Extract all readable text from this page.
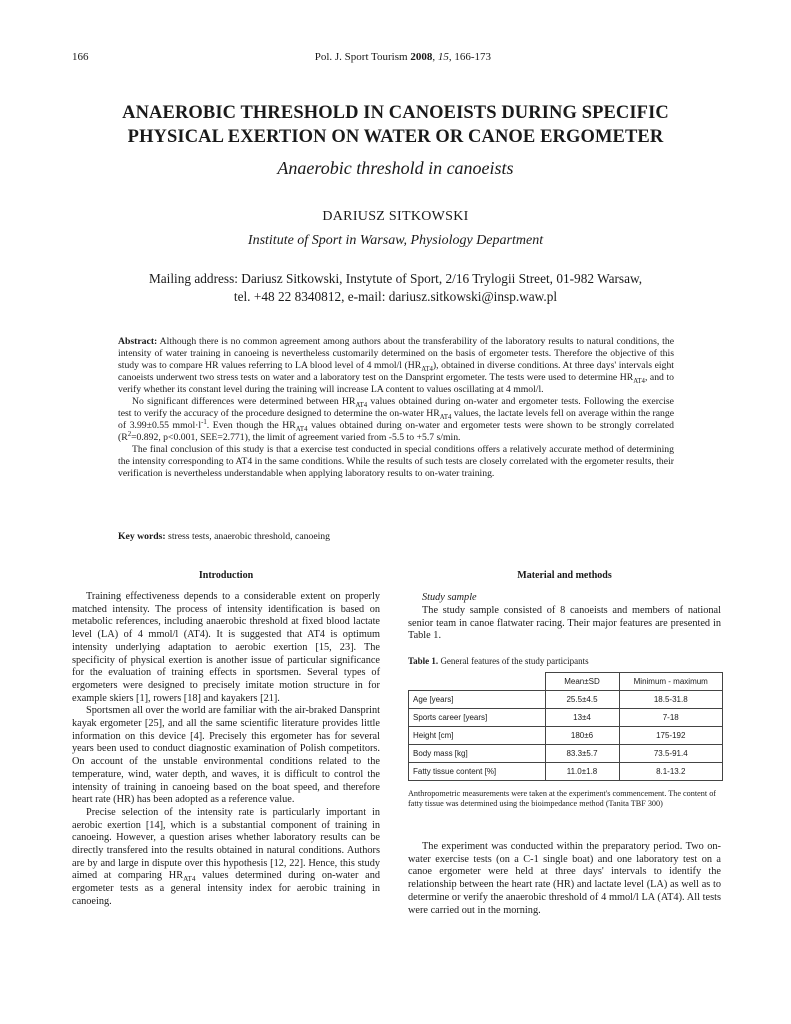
166	Pol. J. Sport Tourism 2008, 15, 166-173
ANAEROBIC THRESHOLD IN CANOEISTS DURING SPECIFIC
PHYSICAL EXERTION ON WATER OR CANOE ERGOMETER
Anaerobic threshold in canoeists
DARIUSZ SITKOWSKI
Institute of Sport in Warsaw, Physiology Department
Mailing address: Dariusz Sitkowski, Instytute of Sport, 2/16 Trylogii Street, 01-982 Warsaw,
tel. +48 22 8340812, e-mail: dariusz.sitkowski@insp.waw.pl

Abstract: Although there is no common agreement among authors about the transferability of the laboratory results to natural conditions, the intensity of water training in canoeing is nevertheless customarily determined on the basis of ergometer tests. Therefore the objective of this study was to compare HR values referring to LA blood level of 4 mmol/l $(HR_{AT4})$, obtained in diverse conditions. At three days' intervals eight canoeists underwent two stress tests on water and a laboratory test on the Dansprint ergometer. The tests were used to determine $HR_{AT4}$, and to verify whether its constant level during the training will increase LA content to values oscillating at 4 mmol/l.

No significant differences were determined between $HR_{AT4}$ values obtained during on-water and ergometer tests. Following the exercise test to verify the accuracy of the procedure designed to determine the on-water $HR_{AT4}$ values, the lactate levels fell on average within the range of 3.99±0.55 $mmol\cdot l^{-1}$. Even though the $HR_{AT4}$ values obtained during on-water and ergometer tests were shown to be strongly correlated ($R^2=0.892$, p<0.001, SEE=2.771), the limit of agreement varied from -5.5 to +5.7 s/min.

The final conclusion of this study is that a exercise test conducted in special conditions offers a relatively accurate method of determining the intensity corresponding to AT4 in the same conditions. While the results of such tests are closely correlated with the ergometer results, their verification is nevertheless understandable when applying laboratory results to on-water training.

Key words: stress tests, anaerobic threshold, canoeing
Introduction

Training effectiveness depends to a considerable extent on properly matched intensity. The process of intensity identification is based on metabolic references, including anaerobic threshold at fixed blood lactate level (LA) of 4 mmol/l (AT4). It is suggested that AT4 is optimum intensity underlying adaptation to aerobic exertion [15, 23]. The specificity of physical exertion is another issue of particular significance for the evaluation of training effects in sportsmen. Several types of ergometers were designed to precisely imitate motion structure in for example skiers [1], rowers [18] and kayakers [21].

Sportsmen all over the world are familiar with the air-braked Dansprint kayak ergometer [25], and all the same scientific literature provides little information on this device [4]. Precisely this ergometer has for several years been used to conduct diagnostic examination of Polish competitors. On account of the unstable environmental conditions related to the temperature, wind, water depth, and waves, it is difficult to control the intensity of training in canoeing based on the boat speed, and therefore heart rate (HR) has been adopted as a reference value.

Precise selection of the intensity rate is particularly important in aerobic exertion [14], which is a substantial component of training in canoeing. However, a question arises whether laboratory results can be directly transfered into the results obtained in natural conditions. Authors are by and large in dispute over this hypothesis [12, 22]. Hence, this study aimed at comparing $HR_{AT4}$ values determined during on-water and ergometer tests as a general intensity index for aerobic training in canoeing.

Material and methods
Study sample

The study sample consisted of 8 canoeists and members of national senior team in canoe flatwater racing. Their major features are presented in Table 1.

Table 1. General features of the study participants
	Mean±SD	Minimum - maximum
Age [years]	25.5±4.5	18.5-31.8
Sports career [years]	13±4	7-18
Height [cm]	180±6	175-192
Body mass [kg]	83.3±5.7	73.5-91.4
Fatty tissue content [%]	11.0±1.8	8.1-13.2
Anthropometric measurements were taken at the experiment's commencement. The content of fatty tissue was determined using the bioimpedance method (Tanita TBF 300)

The experiment was conducted within the preparatory period. Two on-water exercise tests (on a C-1 single boat) and one laboratory test on a canoe ergometer were held at three days' intervals to identify the relationship between the heart rate (HR) and lactate level (LA) as well as to determine or verify the anaerobic threshold of 4 mmol/l LA (AT4). All tests were carried out in the morning.
